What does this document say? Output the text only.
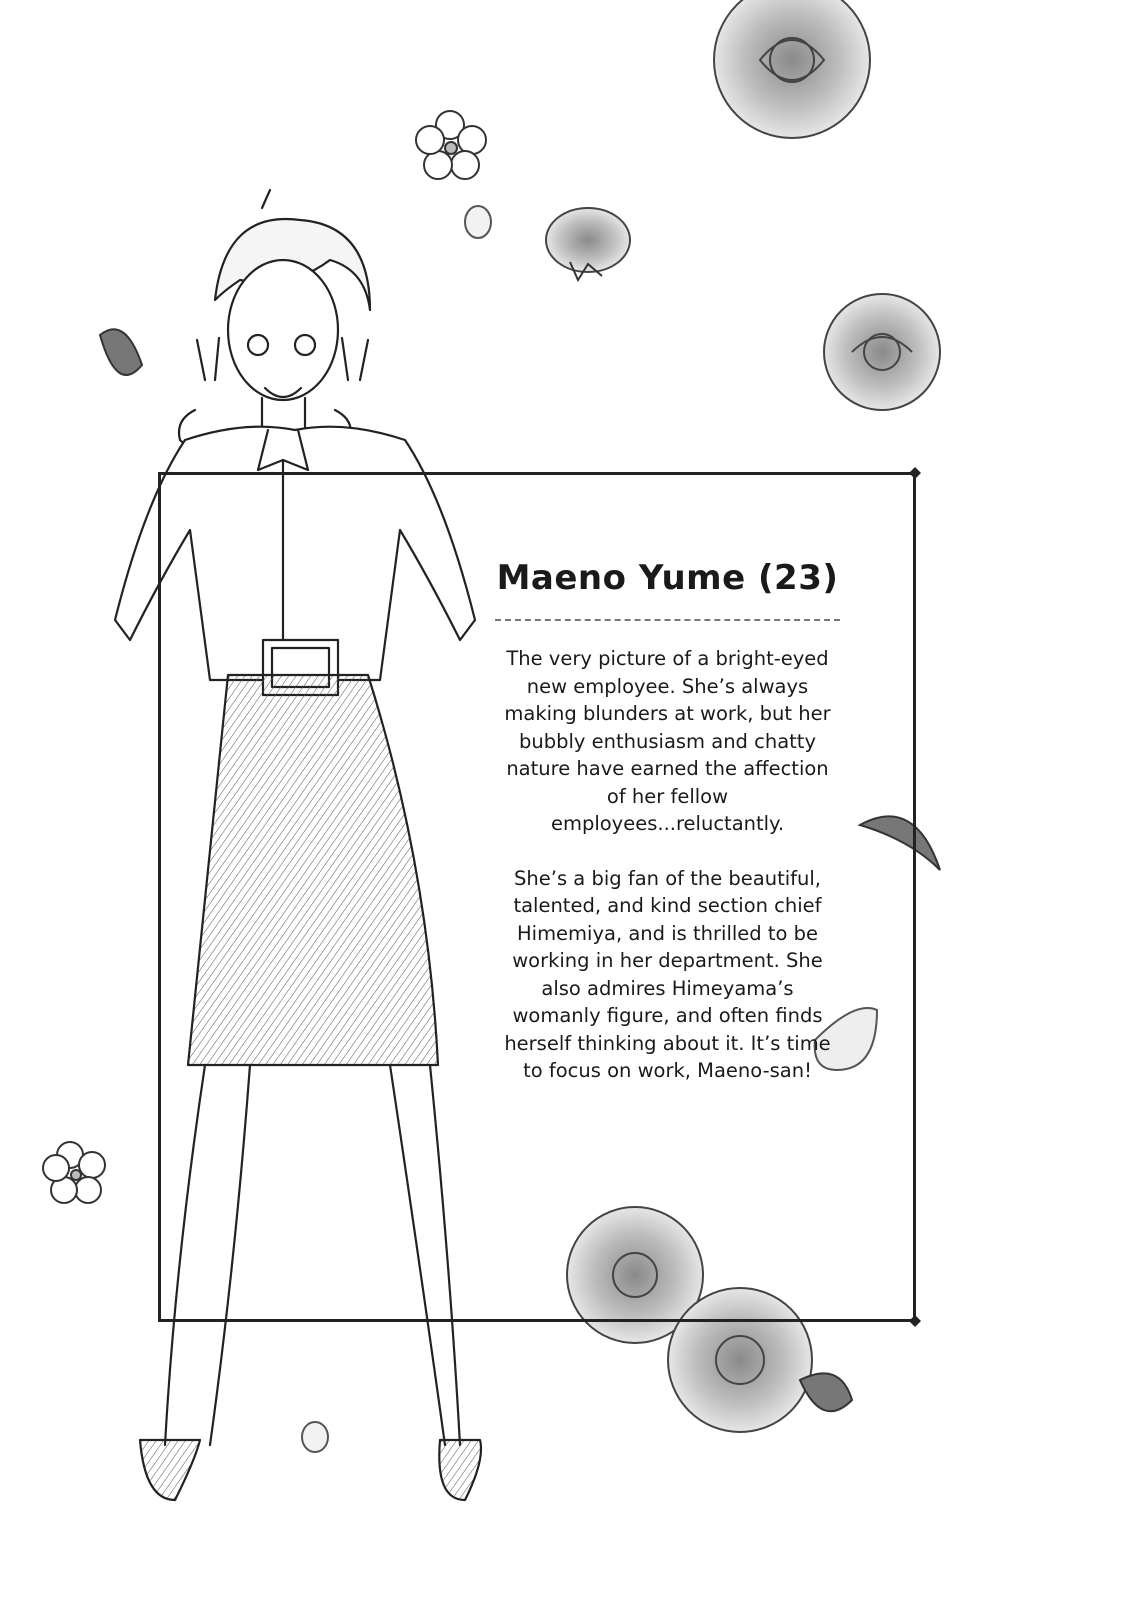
Maeno Yume (23)

The very picture of a bright-eyed new employee. She’s always making blunders at work, but her bubbly enthusiasm and chatty nature have earned the affection of her fellow employees...reluctantly.

She’s a big fan of the beautiful, talented, and kind section chief Himemiya, and is thrilled to be working in her department. She also admires Himeyama’s womanly figure, and often finds herself thinking about it. It’s time to focus on work, Maeno-san!
